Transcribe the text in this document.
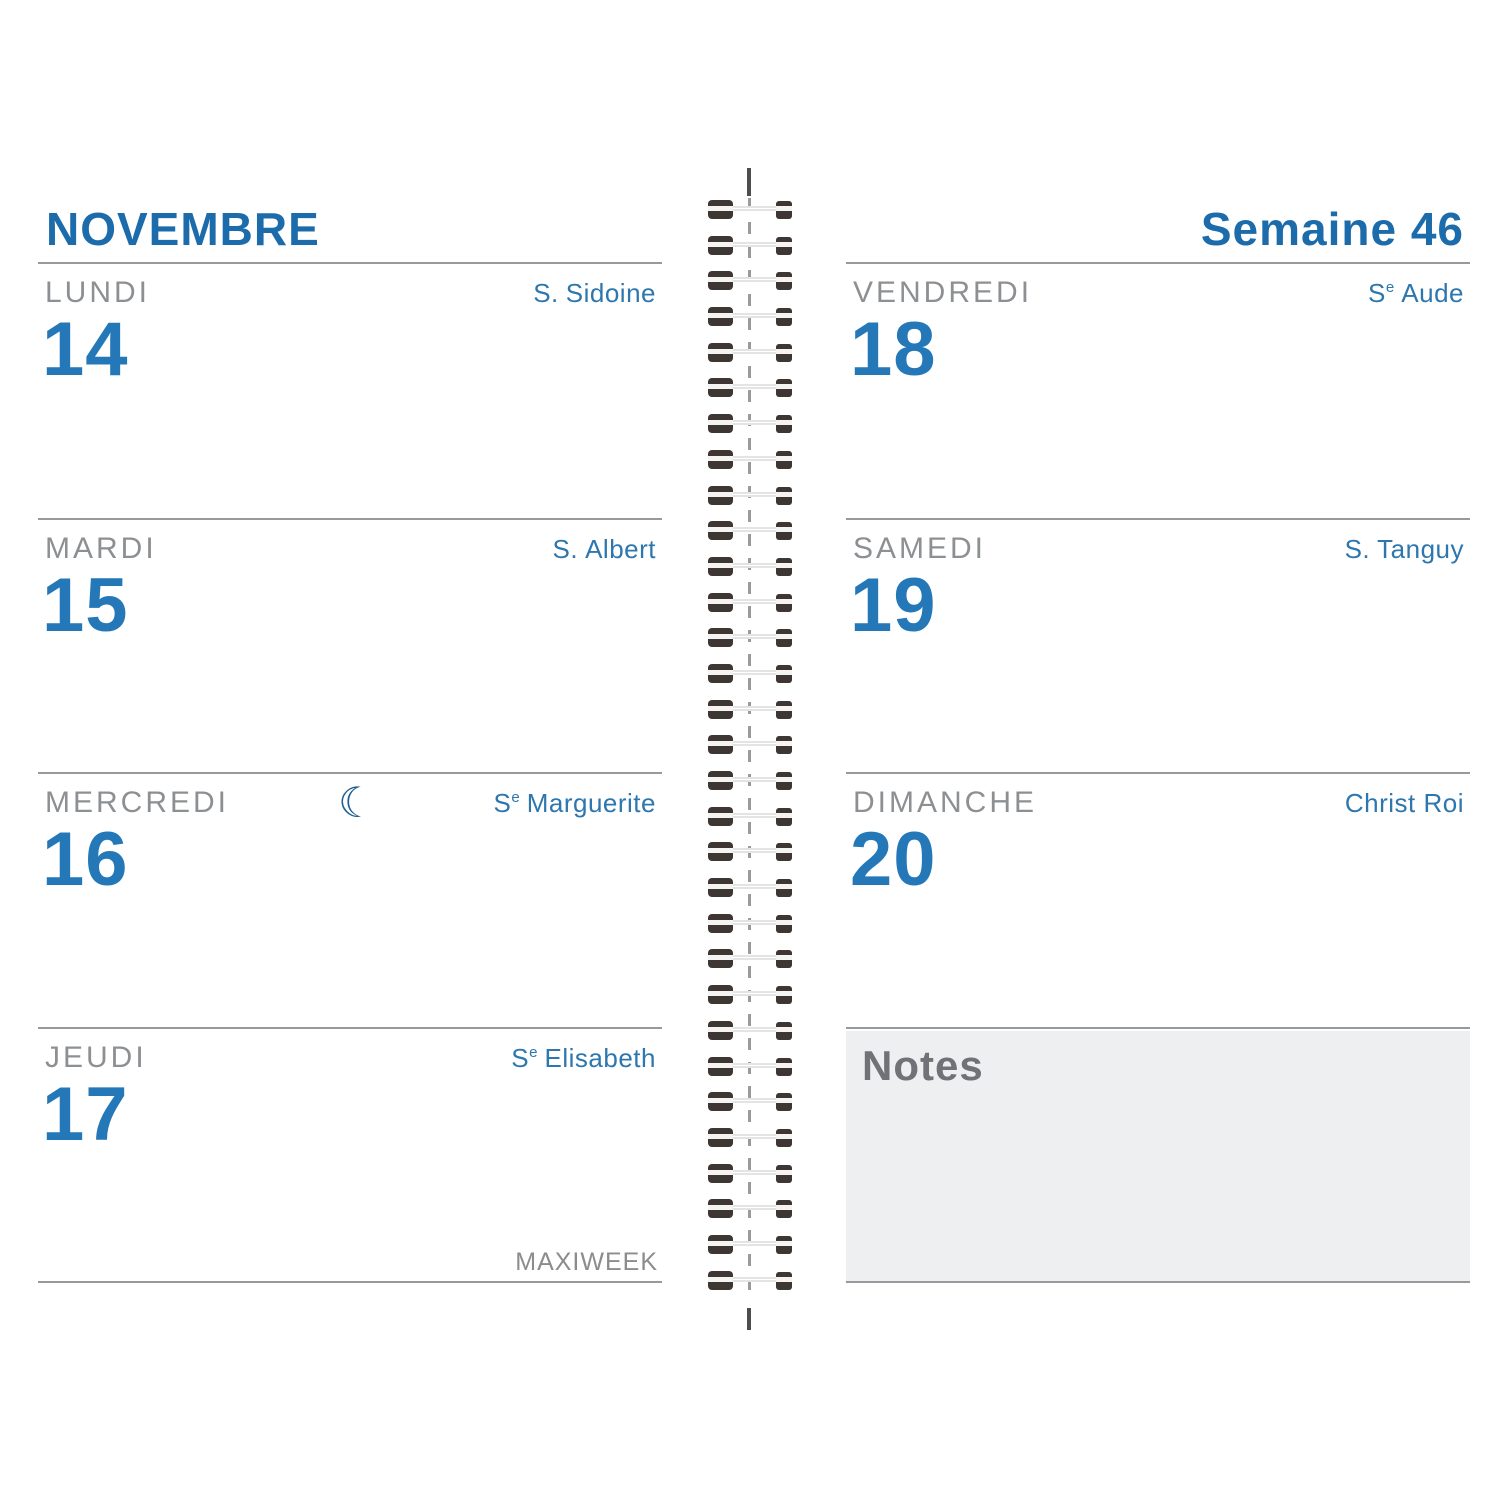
NOVEMBRE
LUNDI	S. Sidoine
14
MARDI	S. Albert
15
MERCREDI	$S^e$ Marguerite
☾
16
JEUDI	$S^e$ Elisabeth
17
MAXIWEEK
Semaine 46
VENDREDI	$S^e$ Aude
18
SAMEDI	S. Tanguy
19
DIMANCHE	Christ Roi
20
Notes
